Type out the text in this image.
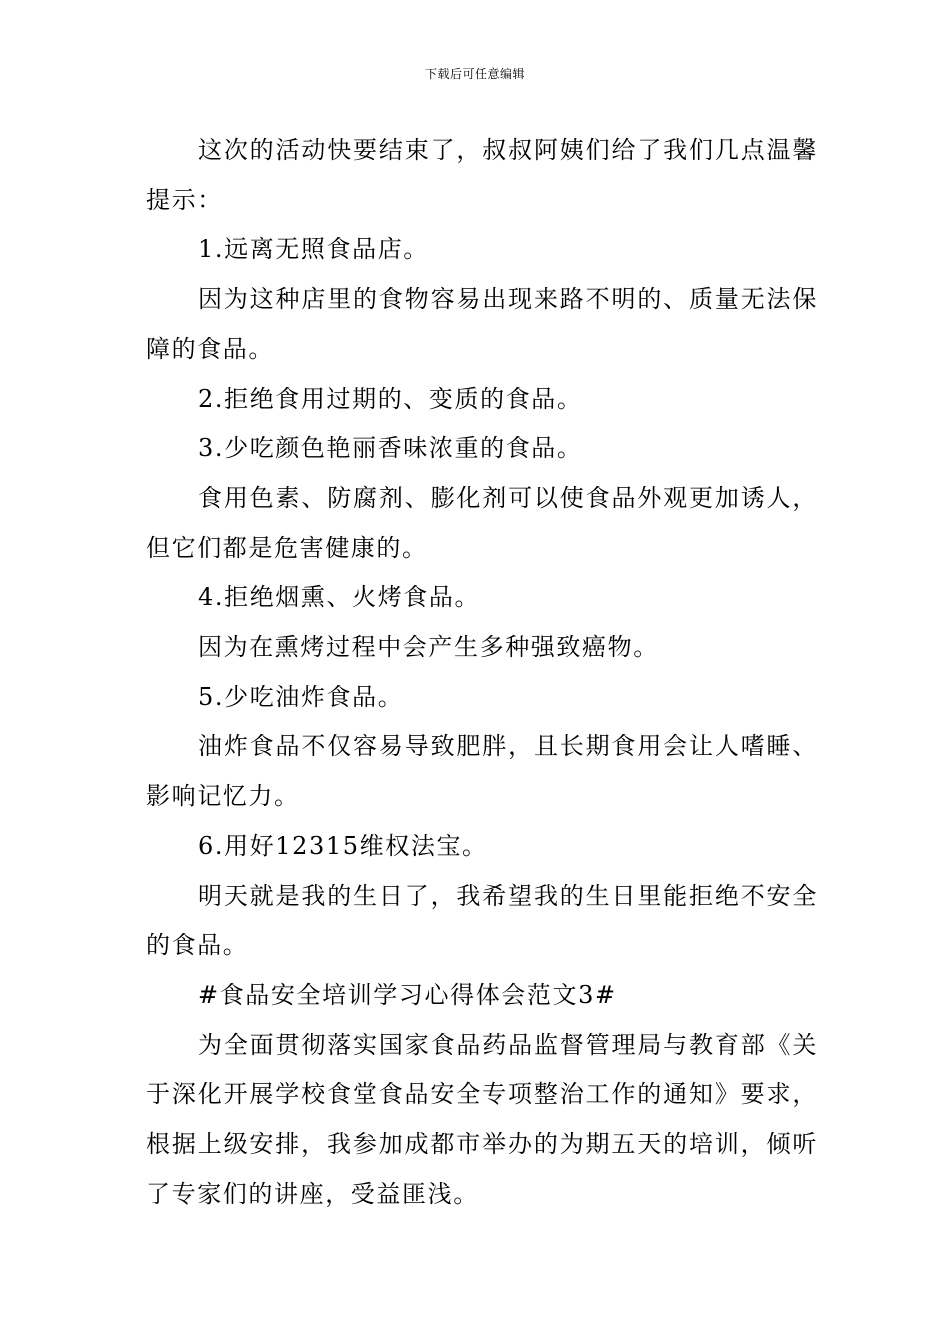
下载后可任意编辑

这次的活动快要结束了，叔叔阿姨们给了我们几点温馨提示：

1.远离无照食品店。

因为这种店里的食物容易出现来路不明的、质量无法保障的食品。

2.拒绝食用过期的、变质的食品。

3.少吃颜色艳丽香味浓重的食品。

食用色素、防腐剂、膨化剂可以使食品外观更加诱人，但它们都是危害健康的。

4.拒绝烟熏、火烤食品。

因为在熏烤过程中会产生多种强致癌物。

5.少吃油炸食品。

油炸食品不仅容易导致肥胖，且长期食用会让人嗜睡、影响记忆力。

6.用好12315维权法宝。

明天就是我的生日了，我希望我的生日里能拒绝不安全的食品。

#食品安全培训学习心得体会范文3#

为全面贯彻落实国家食品药品监督管理局与教育部《关于深化开展学校食堂食品安全专项整治工作的通知》要求，根据上级安排，我参加成都市举办的为期五天的培训，倾听了专家们的讲座，受益匪浅。
